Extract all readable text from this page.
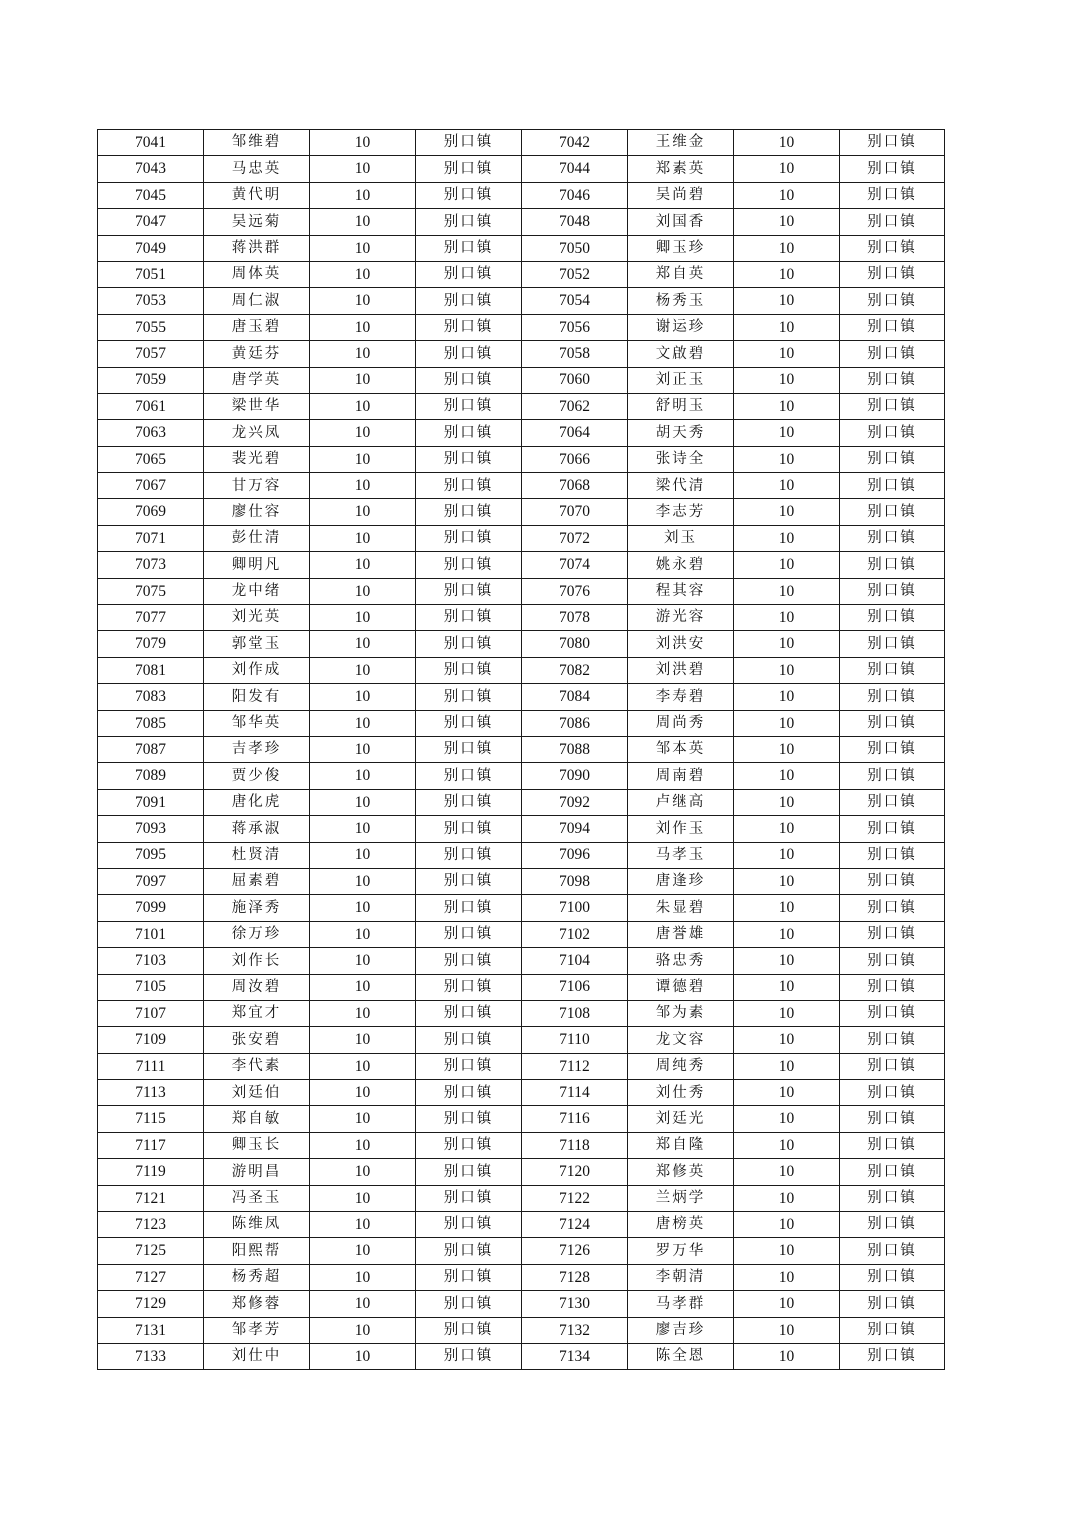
7041	邹维碧	10	别口镇	7042	王维金	10	别口镇
7043	马忠英	10	别口镇	7044	郑素英	10	别口镇
7045	黄代明	10	别口镇	7046	吴尚碧	10	别口镇
7047	吴远菊	10	别口镇	7048	刘国香	10	别口镇
7049	蒋洪群	10	别口镇	7050	卿玉珍	10	别口镇
7051	周体英	10	别口镇	7052	郑自英	10	别口镇
7053	周仁淑	10	别口镇	7054	杨秀玉	10	别口镇
7055	唐玉碧	10	别口镇	7056	谢运珍	10	别口镇
7057	黄廷芬	10	别口镇	7058	文啟碧	10	别口镇
7059	唐学英	10	别口镇	7060	刘正玉	10	别口镇
7061	梁世华	10	别口镇	7062	舒明玉	10	别口镇
7063	龙兴凤	10	别口镇	7064	胡天秀	10	别口镇
7065	裴光碧	10	别口镇	7066	张诗全	10	别口镇
7067	甘万容	10	别口镇	7068	梁代清	10	别口镇
7069	廖仕容	10	别口镇	7070	李志芳	10	别口镇
7071	彭仕清	10	别口镇	7072	刘玉	10	别口镇
7073	卿明凡	10	别口镇	7074	姚永碧	10	别口镇
7075	龙中绪	10	别口镇	7076	程其容	10	别口镇
7077	刘光英	10	别口镇	7078	游光容	10	别口镇
7079	郭堂玉	10	别口镇	7080	刘洪安	10	别口镇
7081	刘作成	10	别口镇	7082	刘洪碧	10	别口镇
7083	阳发有	10	别口镇	7084	李寿碧	10	别口镇
7085	邹华英	10	别口镇	7086	周尚秀	10	别口镇
7087	吉孝珍	10	别口镇	7088	邹本英	10	别口镇
7089	贾少俊	10	别口镇	7090	周南碧	10	别口镇
7091	唐化虎	10	别口镇	7092	卢继高	10	别口镇
7093	蒋承淑	10	别口镇	7094	刘作玉	10	别口镇
7095	杜贤清	10	别口镇	7096	马孝玉	10	别口镇
7097	屈素碧	10	别口镇	7098	唐逢珍	10	别口镇
7099	施泽秀	10	别口镇	7100	朱显碧	10	别口镇
7101	徐万珍	10	别口镇	7102	唐誉雄	10	别口镇
7103	刘作长	10	别口镇	7104	骆忠秀	10	别口镇
7105	周汝碧	10	别口镇	7106	谭德碧	10	别口镇
7107	郑宜才	10	别口镇	7108	邹为素	10	别口镇
7109	张安碧	10	别口镇	7110	龙文容	10	别口镇
7111	李代素	10	别口镇	7112	周纯秀	10	别口镇
7113	刘廷伯	10	别口镇	7114	刘仕秀	10	别口镇
7115	郑自敏	10	别口镇	7116	刘廷光	10	别口镇
7117	卿玉长	10	别口镇	7118	郑自隆	10	别口镇
7119	游明昌	10	别口镇	7120	郑修英	10	别口镇
7121	冯圣玉	10	别口镇	7122	兰炳学	10	别口镇
7123	陈维凤	10	别口镇	7124	唐榜英	10	别口镇
7125	阳熙帮	10	别口镇	7126	罗万华	10	别口镇
7127	杨秀超	10	别口镇	7128	李朝清	10	别口镇
7129	郑修蓉	10	别口镇	7130	马孝群	10	别口镇
7131	邹孝芳	10	别口镇	7132	廖吉珍	10	别口镇
7133	刘仕中	10	别口镇	7134	陈全恩	10	别口镇
